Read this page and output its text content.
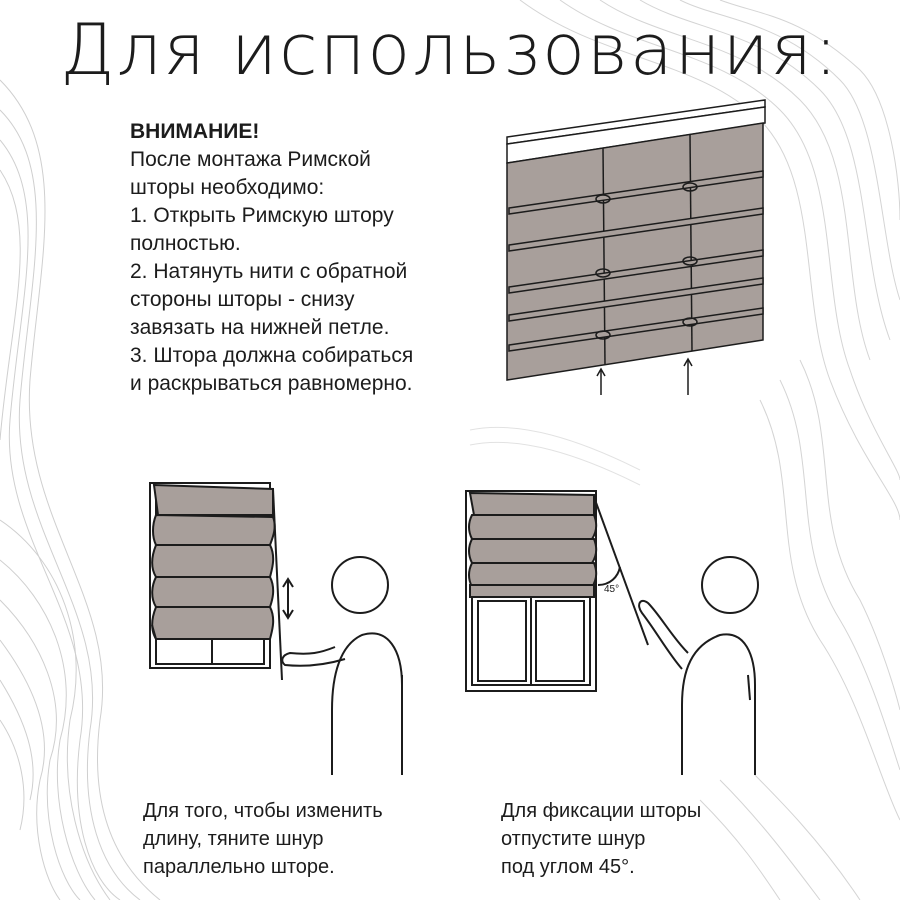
Для использования:
ВНИМАНИЕ!
После монтажа Римской
шторы необходимо:
1. Открыть Римскую штору
полностью.
2. Натянуть нити с обратной
стороны шторы - снизу
завязать на нижней петле.
3. Штора должна собираться
и раскрываться равномерно.
45°
Для того, чтобы изменить
длину, тяните шнур
параллельно шторе.
Для фиксации шторы
отпустите шнур
под углом 45°.
